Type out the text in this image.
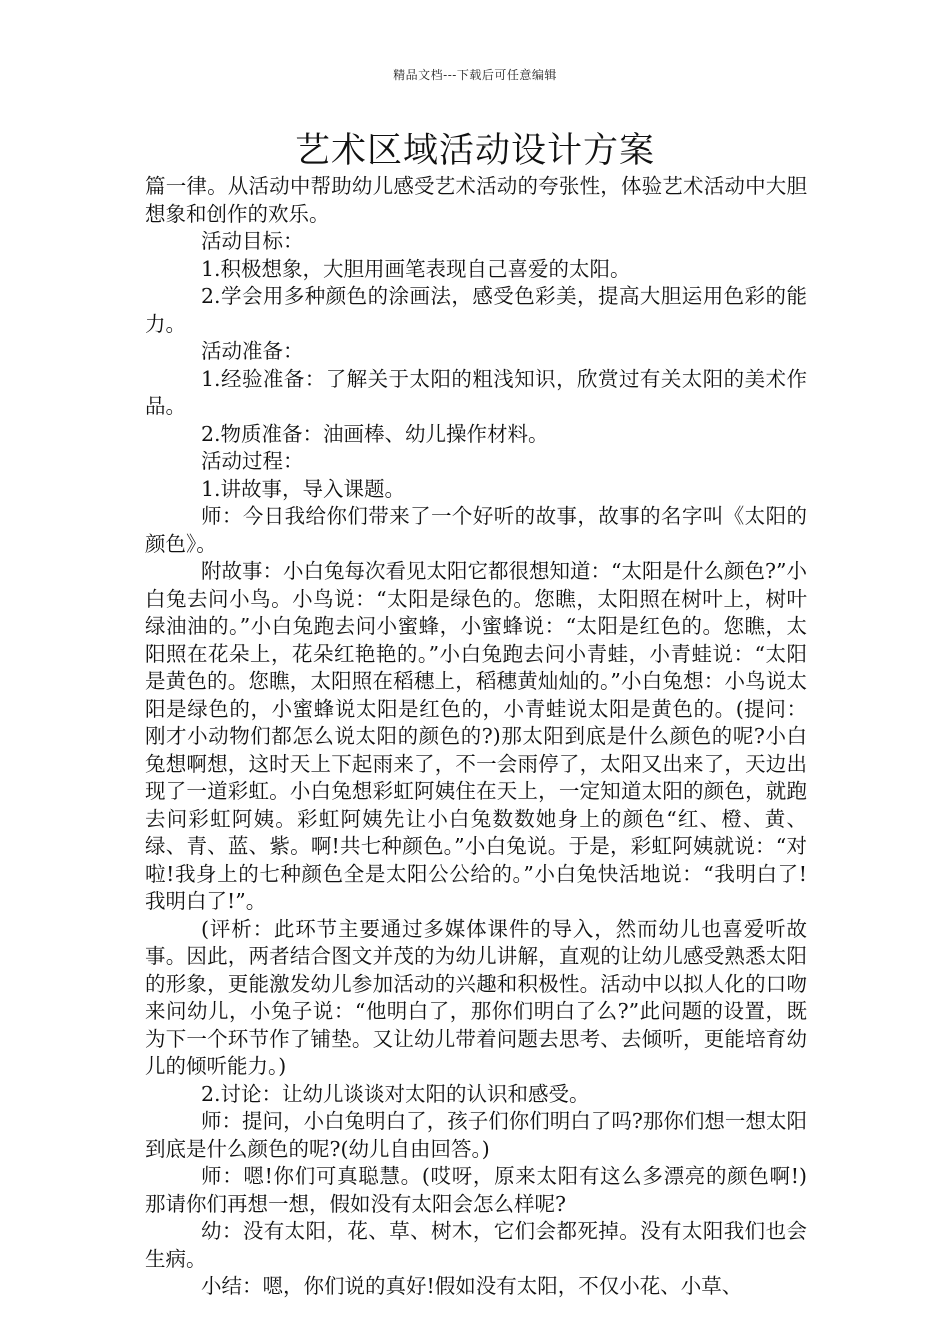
精品文档---下载后可任意编辑
艺术区域活动设计方案

篇一律。从活动中帮助幼儿感受艺术活动的夸张性，体验艺术活动中大胆想象和创作的欢乐。

活动目标：

1.积极想象，大胆用画笔表现自己喜爱的太阳。

2.学会用多种颜色的涂画法，感受色彩美，提高大胆运用色彩的能力。

活动准备：

1.经验准备：了解关于太阳的粗浅知识，欣赏过有关太阳的美术作品。

2.物质准备：油画棒、幼儿操作材料。

活动过程：

1.讲故事，导入课题。

师：今日我给你们带来了一个好听的故事，故事的名字叫《太阳的颜色》。

附故事：小白兔每次看见太阳它都很想知道：“太阳是什么颜色?”小白兔去问小鸟。小鸟说：“太阳是绿色的。您瞧，太阳照在树叶上，树叶绿油油的。”小白兔跑去问小蜜蜂，小蜜蜂说：“太阳是红色的。您瞧，太阳照在花朵上，花朵红艳艳的。”小白兔跑去问小青蛙，小青蛙说：“太阳是黄色的。您瞧，太阳照在稻穗上，稻穗黄灿灿的。”小白兔想：小鸟说太阳是绿色的，小蜜蜂说太阳是红色的，小青蛙说太阳是黄色的。(提问：刚才小动物们都怎么说太阳的颜色的?)那太阳到底是什么颜色的呢?小白兔想啊想，这时天上下起雨来了，不一会雨停了，太阳又出来了，天边出现了一道彩虹。小白兔想彩虹阿姨住在天上，一定知道太阳的颜色，就跑去问彩虹阿姨。彩虹阿姨先让小白兔数数她身上的颜色“红、橙、黄、绿、青、蓝、紫。啊!共七种颜色。”小白兔说。于是，彩虹阿姨就说：“对啦!我身上的七种颜色全是太阳公公给的。”小白兔快活地说：“我明白了!我明白了!”。

(评析：此环节主要通过多媒体课件的导入，然而幼儿也喜爱听故事。因此，两者结合图文并茂的为幼儿讲解，直观的让幼儿感受熟悉太阳的形象，更能激发幼儿参加活动的兴趣和积极性。活动中以拟人化的口吻来问幼儿，小兔子说：“他明白了，那你们明白了么?”此问题的设置，既为下一个环节作了铺垫。又让幼儿带着问题去思考、去倾听，更能培育幼儿的倾听能力。)

2.讨论：让幼儿谈谈对太阳的认识和感受。

师：提问，小白兔明白了，孩子们你们明白了吗?那你们想一想太阳到底是什么颜色的呢?(幼儿自由回答。)

师：嗯!你们可真聪慧。(哎呀，原来太阳有这么多漂亮的颜色啊!)那请你们再想一想，假如没有太阳会怎么样呢?

幼：没有太阳，花、草、树木，它们会都死掉。没有太阳我们也会生病。

小结：嗯，你们说的真好!假如没有太阳，不仅小花、小草、
